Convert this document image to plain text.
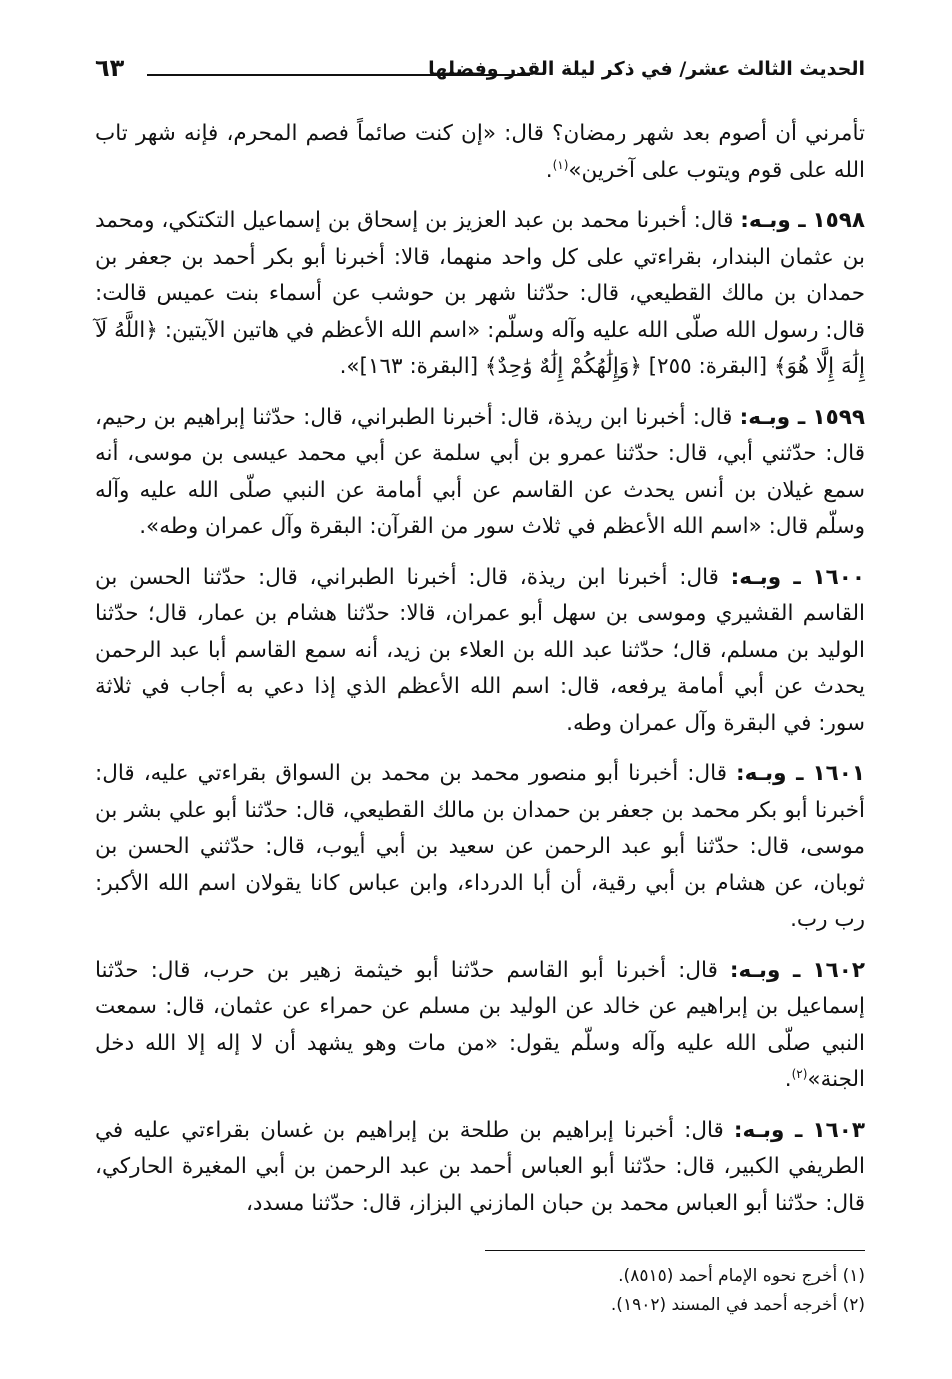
الحديث الثالث عشر/ في ذكر ليلة القدر وفضلها
٦٣

تأمرني أن أصوم بعد شهر رمضان؟ قال: «إن كنت صائماً فصم المحرم، فإنه شهر تاب الله على قوم ويتوب على آخرين»$^{(١)}$.

١٥٩٨ ـ وبـه: قال: أخبرنا محمد بن عبد العزيز بن إسحاق بن إسماعيل التكتكي، ومحمد بن عثمان البندار، بقراءتي على كل واحد منهما، قالا: أخبرنا أبو بكر أحمد بن جعفر بن حمدان بن مالك القطيعي، قال: حدّثنا شهر بن حوشب عن أسماء بنت عميس قالت: قال: رسول الله صلّى الله عليه وآله وسلّم: «اسم الله الأعظم في هاتين الآيتين: ﴿اللَّهُ لَآ إِلَٰهَ إِلَّا هُوَ﴾ [البقرة: ٢٥٥] ﴿وَإِلَٰهُكُمْ إِلَٰهٌ وَٰحِدٌ﴾ [البقرة: ١٦٣]».

١٥٩٩ ـ وبـه: قال: أخبرنا ابن ريذة، قال: أخبرنا الطبراني، قال: حدّثنا إبراهيم بن رحيم، قال: حدّثني أبي، قال: حدّثنا عمرو بن أبي سلمة عن أبي محمد عيسى بن موسى، أنه سمع غيلان بن أنس يحدث عن القاسم عن أبي أمامة عن النبي صلّى الله عليه وآله وسلّم قال: «اسم الله الأعظم في ثلاث سور من القرآن: البقرة وآل عمران وطه».

١٦٠٠ ـ وبـه: قال: أخبرنا ابن ريذة، قال: أخبرنا الطبراني، قال: حدّثنا الحسن بن القاسم القشيري وموسى بن سهل أبو عمران، قالا: حدّثنا هشام بن عمار، قال؛ حدّثنا الوليد بن مسلم، قال؛ حدّثنا عبد الله بن العلاء بن زيد، أنه سمع القاسم أبا عبد الرحمن يحدث عن أبي أمامة يرفعه، قال: اسم الله الأعظم الذي إذا دعي به أجاب في ثلاثة سور: في البقرة وآل عمران وطه.

١٦٠١ ـ وبـه: قال: أخبرنا أبو منصور محمد بن محمد بن السواق بقراءتي عليه، قال: أخبرنا أبو بكر محمد بن جعفر بن حمدان بن مالك القطيعي، قال: حدّثنا أبو علي بشر بن موسى، قال: حدّثنا أبو عبد الرحمن عن سعيد بن أبي أيوب، قال: حدّثني الحسن بن ثوبان، عن هشام بن أبي رقية، أن أبا الدرداء، وابن عباس كانا يقولان اسم الله الأكبر: رب رب.

١٦٠٢ ـ وبـه: قال: أخبرنا أبو القاسم حدّثنا أبو خيثمة زهير بن حرب، قال: حدّثنا إسماعيل بن إبراهيم عن خالد عن الوليد بن مسلم عن حمراء عن عثمان، قال: سمعت النبي صلّى الله عليه وآله وسلّم يقول: «من مات وهو يشهد أن لا إله إلا الله دخل الجنة»$^{(٢)}$.

١٦٠٣ ـ وبـه: قال: أخبرنا إبراهيم بن طلحة بن إبراهيم بن غسان بقراءتي عليه في الطريفي الكبير، قال: حدّثنا أبو العباس أحمد بن عبد الرحمن بن أبي المغيرة الحاركي، قال: حدّثنا أبو العباس محمد بن حبان المازني البزاز، قال: حدّثنا مسدد،

(١) أخرج نحوه الإمام أحمد (٨٥١٥).
(٢) أخرجه أحمد في المسند (١٩٠٢).
